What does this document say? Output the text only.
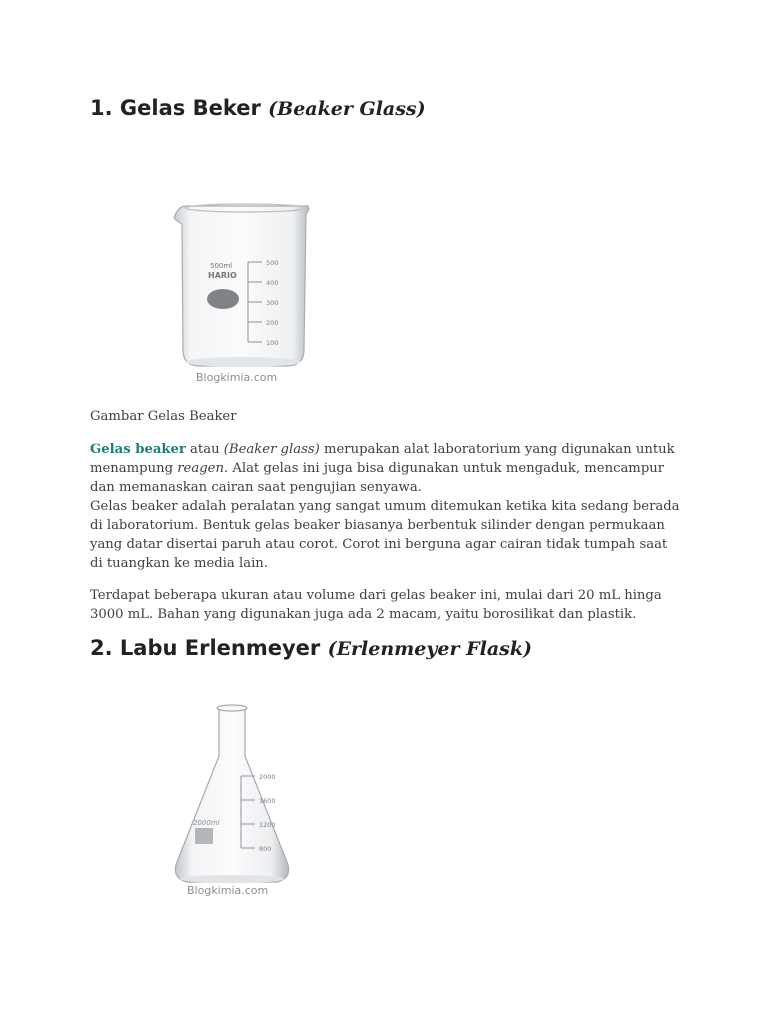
1. Gelas Beker (Beaker Glass)
500ml
HARIO
500
400
300
200
100
Blogkimia.com

Gambar Gelas Beaker

Gelas beaker atau (Beaker glass) merupakan alat laboratorium yang digunakan untuk menampung reagen. Alat gelas ini juga bisa digunakan untuk mengaduk, mencampur dan memanaskan cairan saat pengujian senyawa.

Gelas beaker adalah peralatan yang sangat umum ditemukan ketika kita sedang berada di laboratorium. Bentuk gelas beaker biasanya berbentuk silinder dengan permukaan yang datar disertai paruh atau corot. Corot ini berguna agar cairan tidak tumpah saat di tuangkan ke media lain.

Terdapat beberapa ukuran atau volume dari gelas beaker ini, mulai dari 20 mL hinga 3000 mL. Bahan yang digunakan juga ada 2 macam, yaitu borosilikat dan plastik.

2. Labu Erlenmeyer (Erlenmeyer Flask)
2000ml
2000
1600
1200
800
Blogkimia.com
